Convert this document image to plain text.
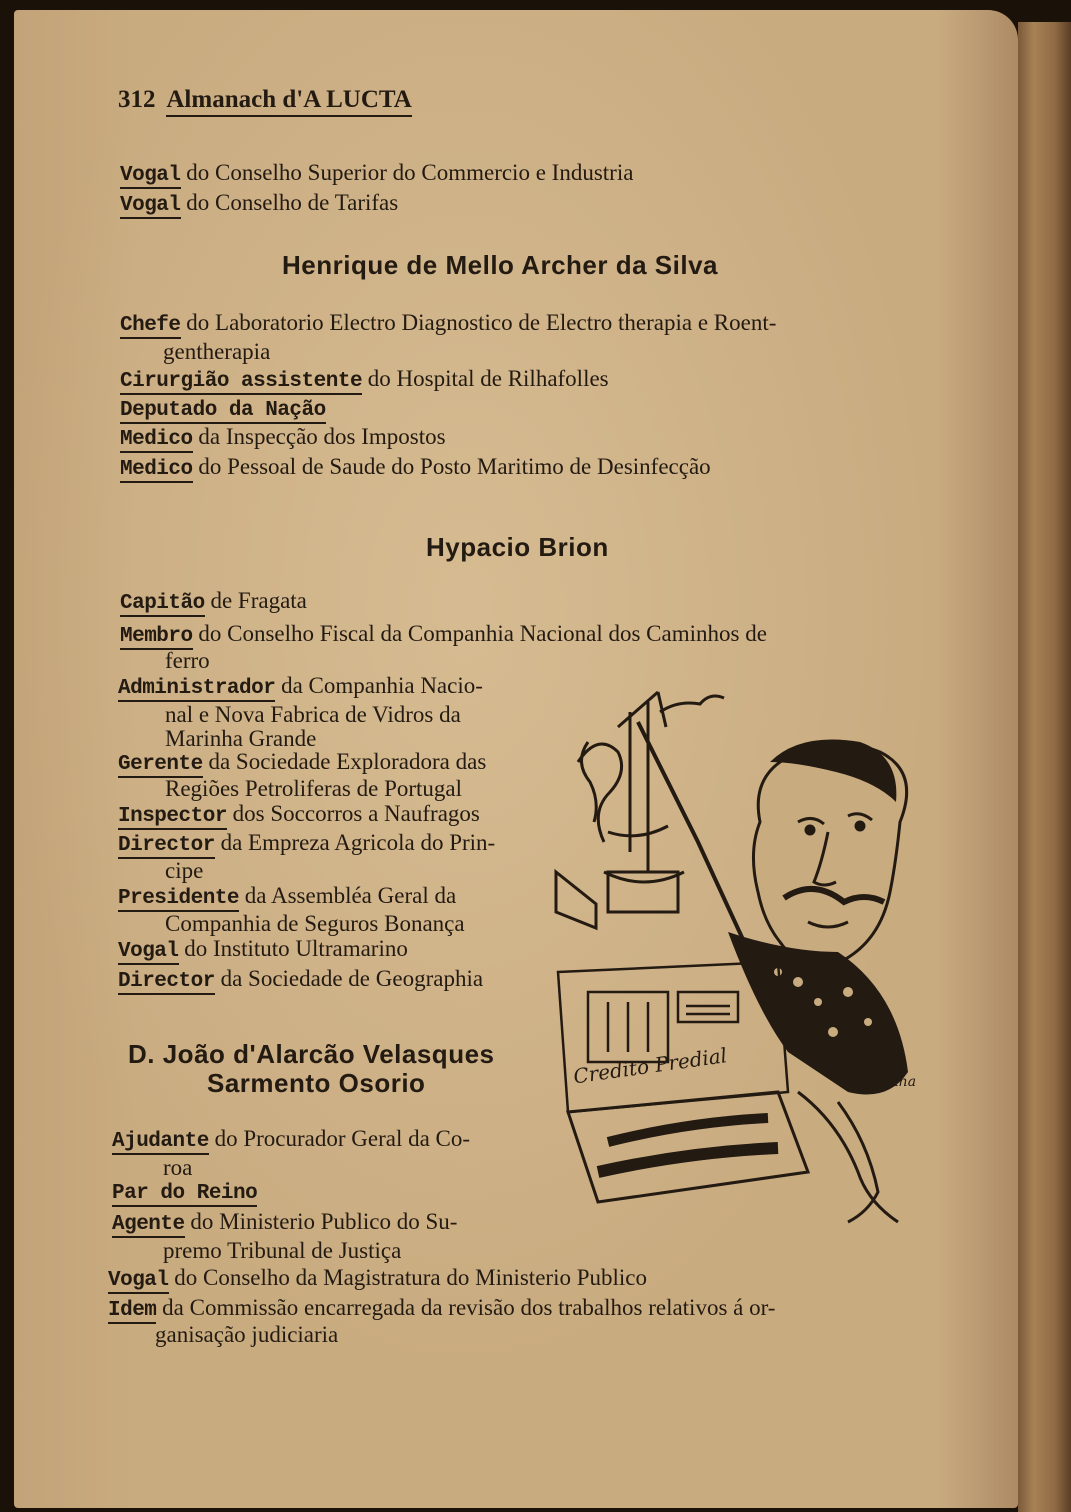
312 Almanach d'A LUCTA
Vogal do Conselho Superior do Commercio e Industria
Vogal do Conselho de Tarifas
Henrique de Mello Archer da Silva
Chefe do Laboratorio Electro Diagnostico de Electro therapia e Roent-
gentherapia
Cirurgião assistente do Hospital de Rilhafolles
Deputado da Nação
Medico da Inspecção dos Impostos
Medico do Pessoal de Saude do Posto Maritimo de Desinfecção
Hypacio Brion
Capitão de Fragata
Membro do Conselho Fiscal da Companhia Nacional dos Caminhos de
ferro
Administrador da Companhia Nacio-
nal e Nova Fabrica de Vidros da
Marinha Grande
Gerente da Sociedade Exploradora das
Regiões Petroliferas de Portugal
Inspector dos Soccorros a Naufragos
Director da Empreza Agricola do Prin-
cipe
Presidente da Assembléa Geral da
Companhia de Seguros Bonança
Vogal do Instituto Ultramarino
Director da Sociedade de Geographia
D. João d'Alarcão Velasques
Sarmento Osorio
Ajudante do Procurador Geral da Co-
roa
Par do Reino
Agente do Ministerio Publico do Su-
premo Tribunal de Justiça
Vogal do Conselho da Magistratura do Ministerio Publico
Idem da Commissão encarregada da revisão dos trabalhos relativos á or-
ganisação judiciaria
Credito Predial	Cunha
